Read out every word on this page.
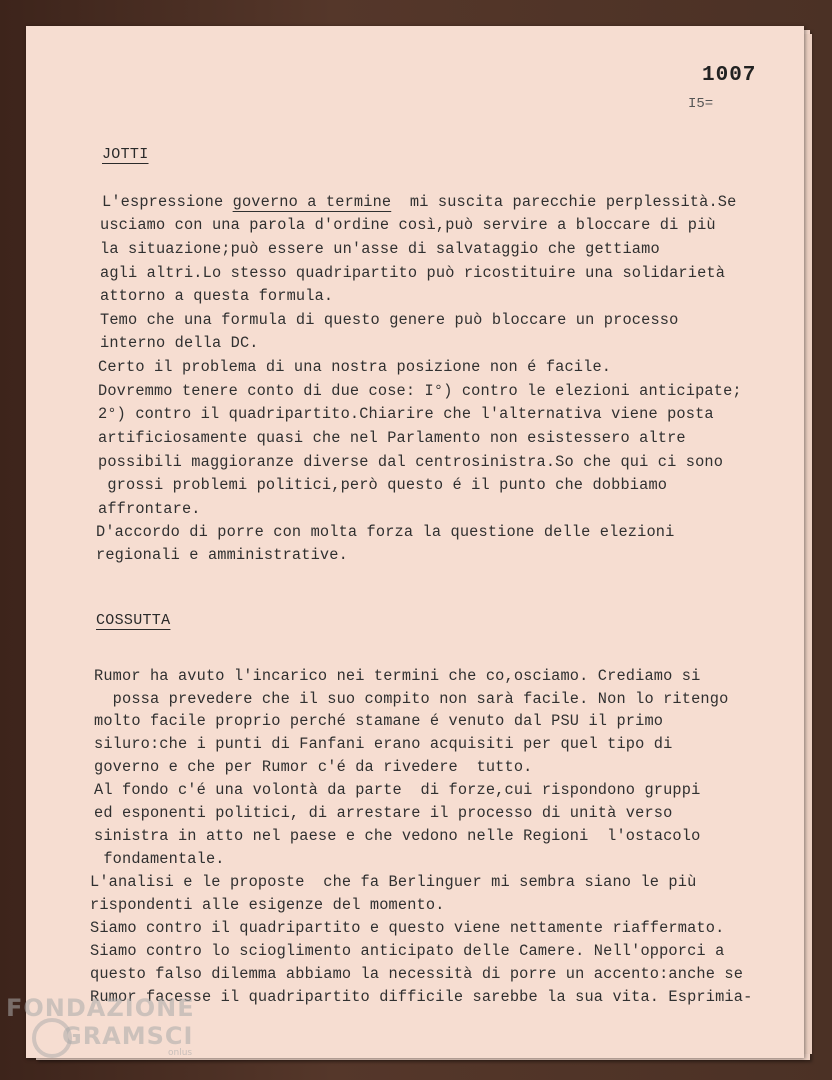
1007
I5=
JOTTI
L'espressione governo a termine  mi suscita parecchie perplessità.Se
usciamo con una parola d'ordine così,può servire a bloccare di più
la situazione;può essere un'asse di salvataggio che gettiamo
agli altri.Lo stesso quadripartito può ricostituire una solidarietà
attorno a questa formula.
Temo che una formula di questo genere può bloccare un processo
interno della DC.
Certo il problema di una nostra posizione non é facile.
Dovremmo tenere conto di due cose: I°) contro le elezioni anticipate;
2°) contro il quadripartito.Chiarire che l'alternativa viene posta
artificiosamente quasi che nel Parlamento non esistessero altre
possibili maggioranze diverse dal centrosinistra.So che qui ci sono
grossi problemi politici,però questo é il punto che dobbiamo
affrontare.
D'accordo di porre con molta forza la questione delle elezioni
regionali e amministrative.
COSSUTTA
Rumor ha avuto l'incarico nei termini che co,osciamo. Crediamo si
possa prevedere che il suo compito non sarà facile. Non lo ritengo
molto facile proprio perché stamane é venuto dal PSU il primo
siluro:che i punti di Fanfani erano acquisiti per quel tipo di
governo e che per Rumor c'é da rivedere  tutto.
Al fondo c'é una volontà da parte  di forze,cui rispondono gruppi
ed esponenti politici, di arrestare il processo di unità verso
sinistra in atto nel paese e che vedono nelle Regioni  l'ostacolo
fondamentale.
L'analisi e le proposte  che fa Berlinguer mi sembra siano le più
rispondenti alle esigenze del momento.
Siamo contro il quadripartito e questo viene nettamente riaffermato.
Siamo contro lo scioglimento anticipato delle Camere. Nell'opporci a
questo falso dilemma abbiamo la necessità di porre un accento:anche se
Rumor facesse il quadripartito difficile sarebbe la sua vita. Esprimia-
FONDAZIONE
GRAMSCI
onlus
